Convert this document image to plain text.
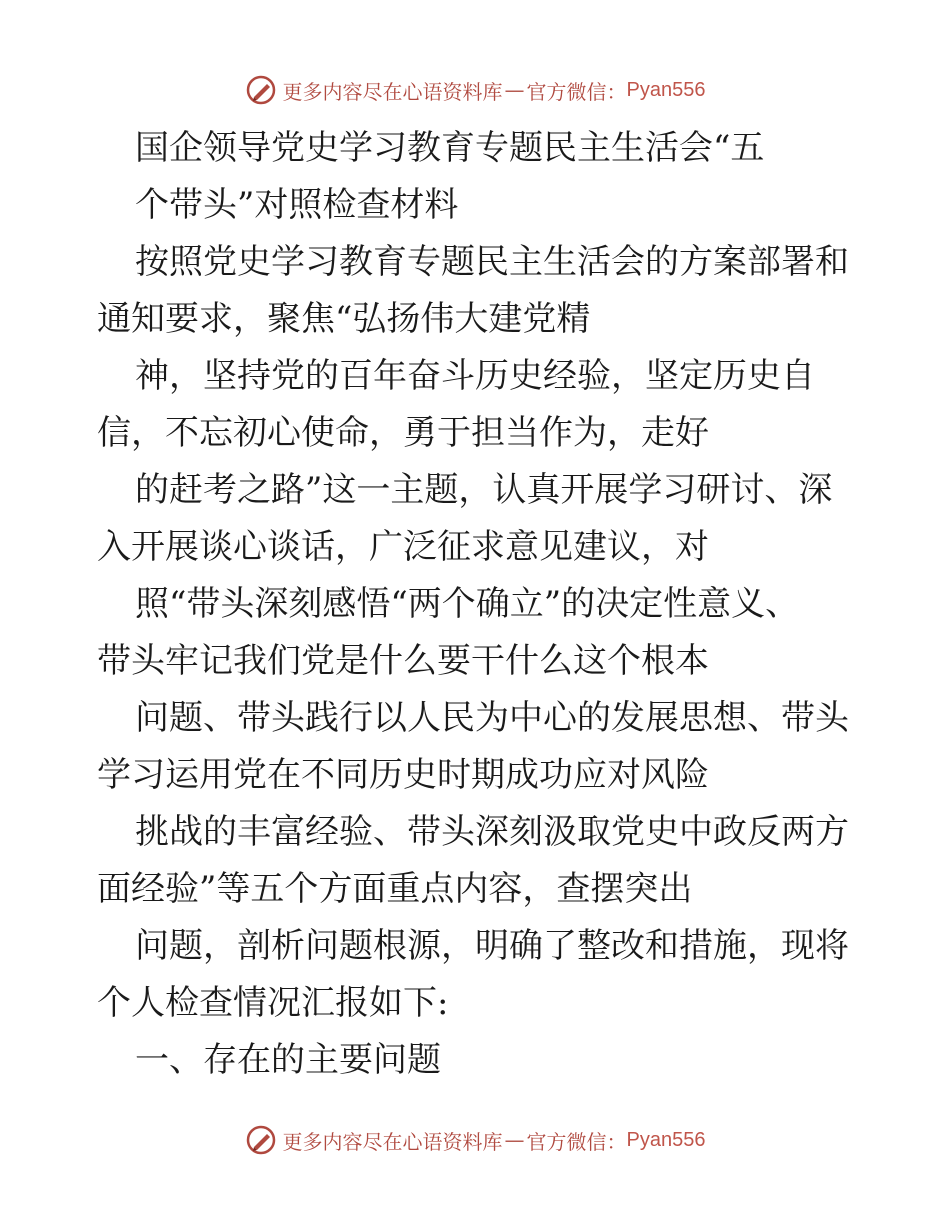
更多内容尽在心语资料库 — 官方微信： Pyan556
国企领导党史学习教育专题民主生活会“五
个带头”对照检查材料
按照党史学习教育专题民主生活会的方案部署和
通知要求，聚焦“弘扬伟大建党精
神，坚持党的百年奋斗历史经验，坚定历史自
信，不忘初心使命，勇于担当作为，走好
的赶考之路”这一主题，认真开展学习研讨、深
入开展谈心谈话，广泛征求意见建议，对
照“带头深刻感悟“两个确立”的决定性意义、
带头牢记我们党是什么要干什么这个根本
问题、带头践行以人民为中心的发展思想、带头
学习运用党在不同历史时期成功应对风险
挑战的丰富经验、带头深刻汲取党史中政反两方
面经验”等五个方面重点内容，查摆突出
问题，剖析问题根源，明确了整改和措施，现将
个人检查情况汇报如下:
一、存在的主要问题
更多内容尽在心语资料库 — 官方微信： Pyan556
